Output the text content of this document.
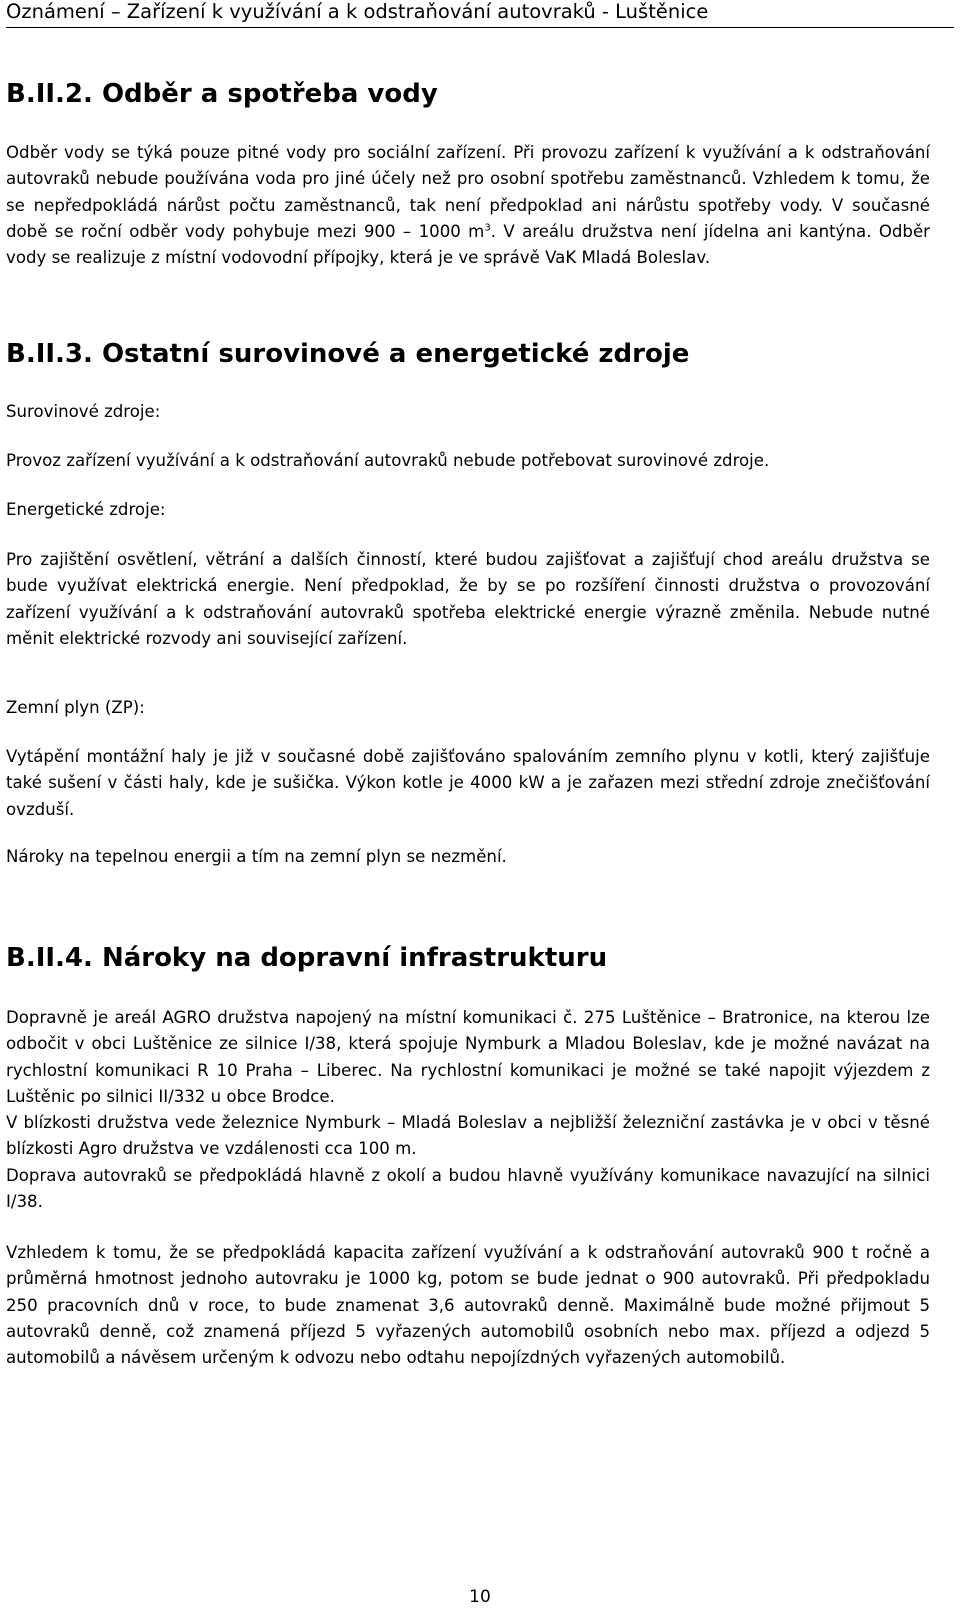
Oznámení – Zařízení k využívání a k odstraňování autovraků - Luštěnice
B.II.2. Odběr a spotřeba vody
Odběr vody se týká pouze pitné vody pro sociální zařízení. Při provozu zařízení k využívání a k odstraňování autovraků nebude používána voda pro jiné účely než pro osobní spotřebu zaměstnanců. Vzhledem k tomu, že se nepředpokládá nárůst počtu zaměstnanců, tak není předpoklad ani nárůstu spotřeby vody. V současné době se roční odběr vody pohybuje mezi 900 – 1000 $m^3$. V areálu družstva není jídelna ani kantýna. Odběr vody se realizuje z místní vodovodní přípojky, která je ve správě VaK Mladá Boleslav.
B.II.3. Ostatní surovinové a energetické zdroje
Surovinové zdroje:
Provoz zařízení využívání a k odstraňování autovraků nebude potřebovat surovinové zdroje.
Energetické zdroje:
Pro zajištění osvětlení, větrání a dalších činností, které budou zajišťovat a zajišťují chod areálu družstva se bude využívat elektrická energie. Není předpoklad, že by se po rozšíření činnosti družstva o provozování zařízení využívání a k odstraňování autovraků spotřeba elektrické energie výrazně změnila. Nebude nutné měnit elektrické rozvody ani související zařízení.
Zemní plyn (ZP):
Vytápění montážní haly je již v současné době zajišťováno spalováním zemního plynu v kotli, který zajišťuje také sušení v části haly, kde je sušička. Výkon kotle je 4000 kW a je zařazen mezi střední zdroje znečišťování ovzduší.
Nároky na tepelnou energii a tím na zemní plyn se nezmění.
B.II.4. Nároky na dopravní infrastrukturu
Dopravně je areál AGRO družstva napojený na místní komunikaci č. 275 Luštěnice – Bratronice, na kterou lze odbočit v obci Luštěnice ze silnice I/38, která spojuje Nymburk a Mladou Boleslav, kde je možné navázat na rychlostní komunikaci R 10 Praha – Liberec. Na rychlostní komunikaci je možné se také napojit výjezdem z Luštěnic po silnici II/332 u obce Brodce.
V blízkosti družstva vede železnice Nymburk – Mladá Boleslav a nejbližší železniční zastávka je v obci v těsné blízkosti Agro družstva ve vzdálenosti cca 100 m.
Doprava autovraků se předpokládá hlavně z okolí a budou hlavně využívány komunikace navazující na silnici I/38.
Vzhledem k tomu, že se předpokládá kapacita zařízení využívání a k odstraňování autovraků 900 t ročně a průměrná hmotnost jednoho autovraku je 1000 kg, potom se bude jednat o 900 autovraků. Při předpokladu 250 pracovních dnů v roce, to bude znamenat 3,6 autovraků denně. Maximálně bude možné přijmout 5 autovraků denně, což znamená příjezd 5 vyřazených automobilů osobních nebo max. příjezd a odjezd 5 automobilů a návěsem určeným k odvozu nebo odtahu nepojízdných vyřazených automobilů.
10
